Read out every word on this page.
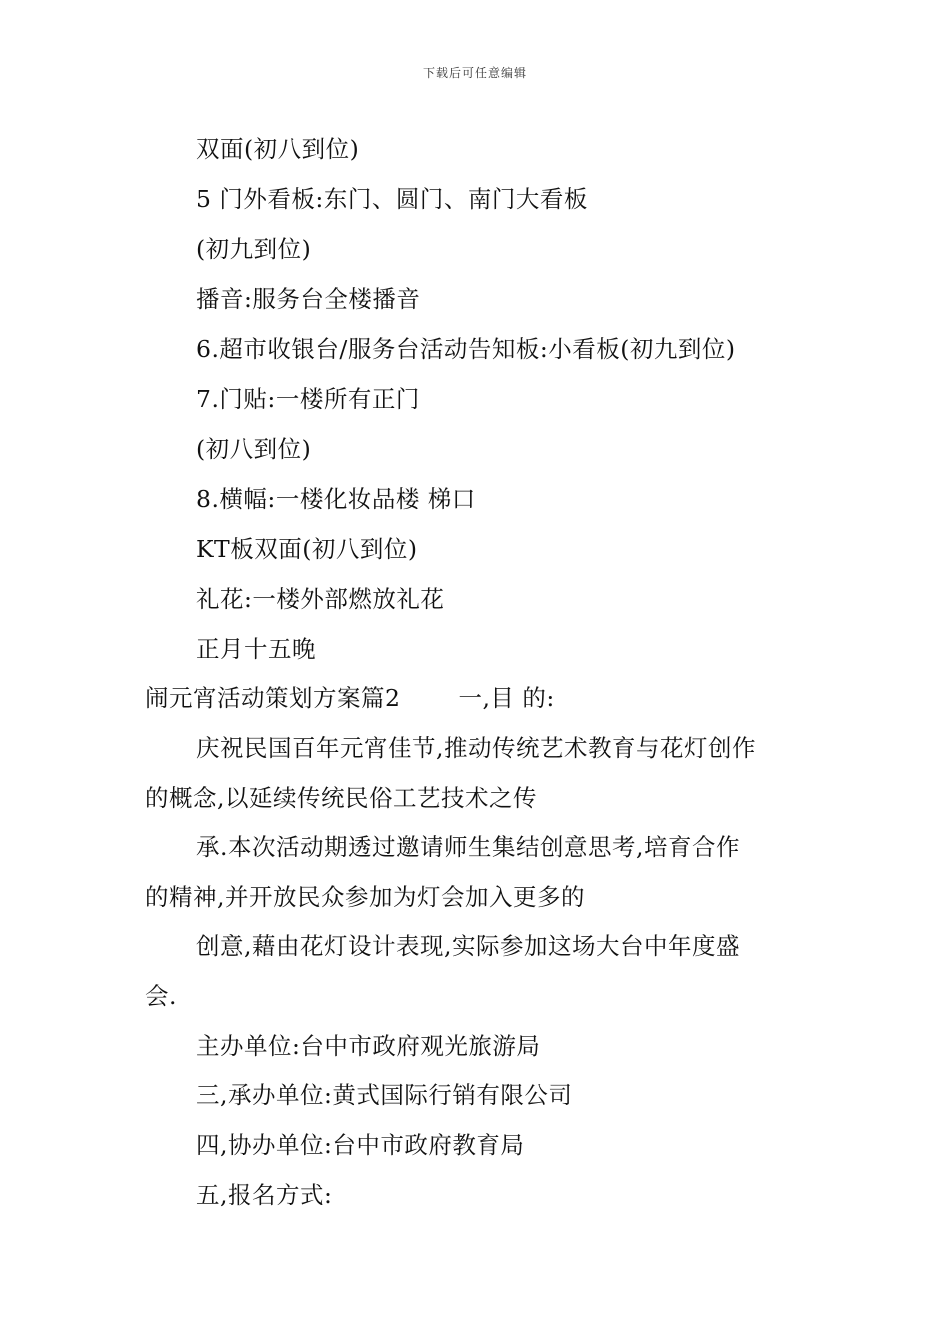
下载后可任意编辑
双面(初八到位)
5 门外看板:东门、圆门、南门大看板
(初九到位)
播音:服务台全楼播音
6.超市收银台/服务台活动告知板:小看板(初九到位)
7.门贴:一楼所有正门
(初八到位)
8.横幅:一楼化妆品楼 梯口
KT板双面(初八到位)
礼花:一楼外部燃放礼花
正月十五晚
闹元宵活动策划方案篇2 一,目 的:
庆祝民国百年元宵佳节,推动传统艺术教育与花灯创作
的概念,以延续传统民俗工艺技术之传
承.本次活动期透过邀请师生集结创意思考,培育合作
的精神,并开放民众参加为灯会加入更多的
创意,藉由花灯设计表现,实际参加这场大台中年度盛
会.
主办单位:台中市政府观光旅游局
三,承办单位:黄式国际行销有限公司
四,协办单位:台中市政府教育局
五,报名方式:
